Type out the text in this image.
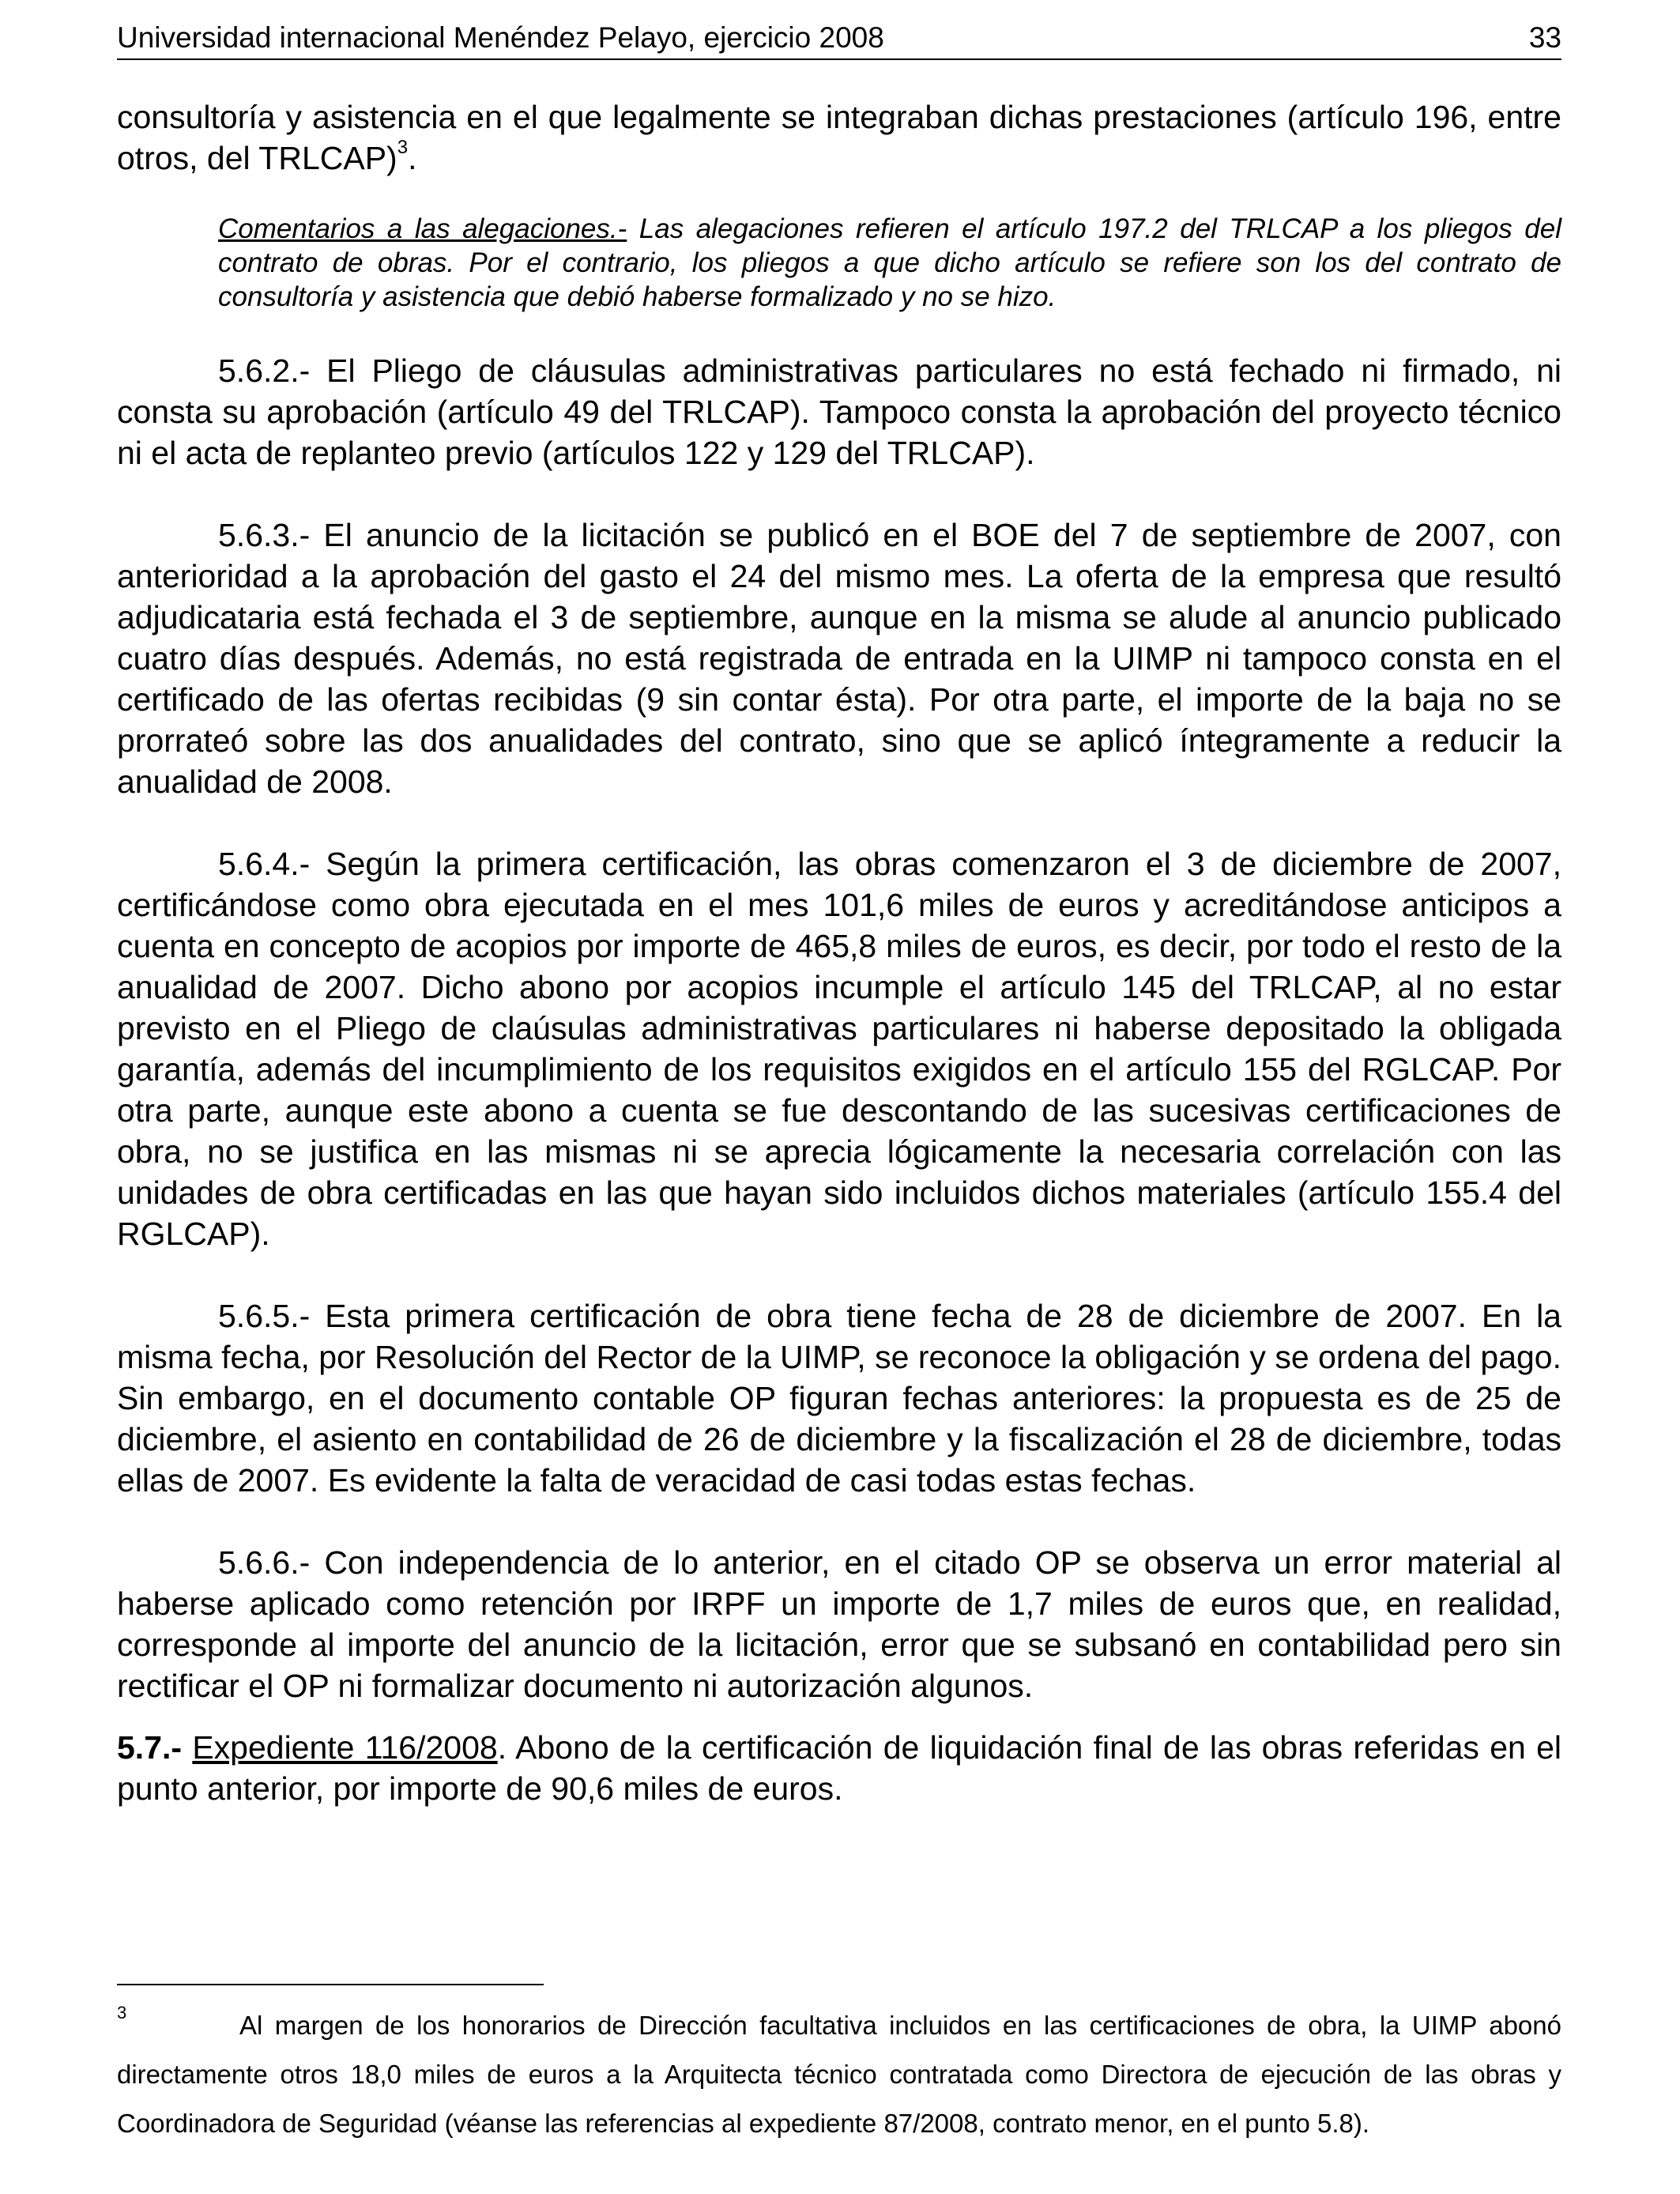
Universidad internacional Menéndez Pelayo, ejercicio 2008	33

consultoría y asistencia en el que legalmente se integraban dichas prestaciones (artículo 196, entre otros, del TRLCAP)$^3$.

Comentarios a las alegaciones.- Las alegaciones refieren el artículo 197.2 del TRLCAP a los pliegos del contrato de obras. Por el contrario, los pliegos a que dicho artículo se refiere son los del contrato de consultoría y asistencia que debió haberse formalizado y no se hizo.

5.6.2.- El Pliego de cláusulas administrativas particulares no está fechado ni firmado, ni consta su aprobación (artículo 49 del TRLCAP). Tampoco consta la aprobación del proyecto técnico ni el acta de replanteo previo (artículos 122 y 129 del TRLCAP).

5.6.3.- El anuncio de la licitación se publicó en el BOE del 7 de septiembre de 2007, con anterioridad a la aprobación del gasto el 24 del mismo mes. La oferta de la empresa que resultó adjudicataria está fechada el 3 de septiembre, aunque en la misma se alude al anuncio publicado cuatro días después. Además, no está registrada de entrada en la UIMP ni tampoco consta en el certificado de las ofertas recibidas (9 sin contar ésta). Por otra parte, el importe de la baja no se prorrateó sobre las dos anualidades del contrato, sino que se aplicó íntegramente a reducir la anualidad de 2008.

5.6.4.- Según la primera certificación, las obras comenzaron el 3 de diciembre de 2007, certificándose como obra ejecutada en el mes 101,6 miles de euros y acreditándose anticipos a cuenta en concepto de acopios por importe de 465,8 miles de euros, es decir, por todo el resto de la anualidad de 2007. Dicho abono por acopios incumple el artículo 145 del TRLCAP, al no estar previsto en el Pliego de claúsulas administrativas particulares ni haberse depositado la obligada garantía, además del incumplimiento de los requisitos exigidos en el artículo 155 del RGLCAP. Por otra parte, aunque este abono a cuenta se fue descontando de las sucesivas certificaciones de obra, no se justifica en las mismas ni se aprecia lógicamente la necesaria correlación con las unidades de obra certificadas en las que hayan sido incluidos dichos materiales (artículo 155.4 del RGLCAP).

5.6.5.- Esta primera certificación de obra tiene fecha de 28 de diciembre de 2007. En la misma fecha, por Resolución del Rector de la UIMP, se reconoce la obligación y se ordena del pago. Sin embargo, en el documento contable OP figuran fechas anteriores: la propuesta es de 25 de diciembre, el asiento en contabilidad de 26 de diciembre y la fiscalización el 28 de diciembre, todas ellas de 2007. Es evidente la falta de veracidad de casi todas estas fechas.

5.6.6.- Con independencia de lo anterior, en el citado OP se observa un error material al haberse aplicado como retención por IRPF un importe de 1,7 miles de euros que, en realidad, corresponde al importe del anuncio de la licitación, error que se subsanó en contabilidad pero sin rectificar el OP ni formalizar documento ni autorización algunos.

5.7.- Expediente 116/2008. Abono de la certificación de liquidación final de las obras referidas en el punto anterior, por importe de 90,6 miles de euros.

3	Al margen de los honorarios de Dirección facultativa incluidos en las certificaciones de obra, la UIMP abonó directamente otros 18,0 miles de euros a la Arquitecta técnico contratada como Directora de ejecución de las obras y Coordinadora de Seguridad (véanse las referencias al expediente 87/2008, contrato menor, en el punto 5.8).
